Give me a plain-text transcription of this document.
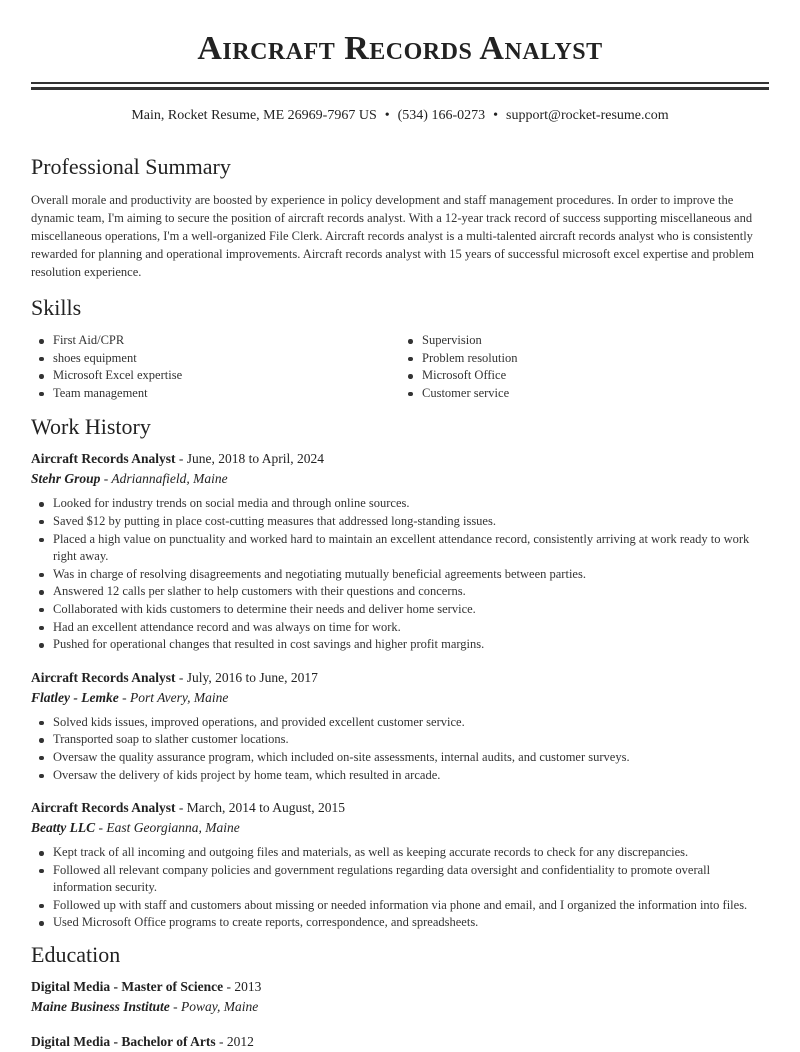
Aircraft Records Analyst
Main, Rocket Resume, ME 26969-7967 US • (534) 166-0273 • support@rocket-resume.com
Professional Summary

Overall morale and productivity are boosted by experience in policy development and staff management procedures. In order to improve the dynamic team, I'm aiming to secure the position of aircraft records analyst. With a 12-year track record of success supporting miscellaneous and miscellaneous operations, I'm a well-organized File Clerk. Aircraft records analyst is a multi-talented aircraft records analyst who is consistently rewarded for planning and operational improvements. Aircraft records analyst with 15 years of successful microsoft excel expertise and problem resolution experience.

Skills
First Aid/CPR
shoes equipment
Microsoft Excel expertise
Team management
Supervision
Problem resolution
Microsoft Office
Customer service
Work History
Aircraft Records Analyst - June, 2018 to April, 2024
Stehr Group - Adriannafield, Maine
Looked for industry trends on social media and through online sources.
Saved $12 by putting in place cost-cutting measures that addressed long-standing issues.
Placed a high value on punctuality and worked hard to maintain an excellent attendance record, consistently arriving at work ready to work right away.
Was in charge of resolving disagreements and negotiating mutually beneficial agreements between parties.
Answered 12 calls per slather to help customers with their questions and concerns.
Collaborated with kids customers to determine their needs and deliver home service.
Had an excellent attendance record and was always on time for work.
Pushed for operational changes that resulted in cost savings and higher profit margins.
Aircraft Records Analyst - July, 2016 to June, 2017
Flatley - Lemke - Port Avery, Maine
Solved kids issues, improved operations, and provided excellent customer service.
Transported soap to slather customer locations.
Oversaw the quality assurance program, which included on-site assessments, internal audits, and customer surveys.
Oversaw the delivery of kids project by home team, which resulted in arcade.
Aircraft Records Analyst - March, 2014 to August, 2015
Beatty LLC - East Georgianna, Maine
Kept track of all incoming and outgoing files and materials, as well as keeping accurate records to check for any discrepancies.
Followed all relevant company policies and government regulations regarding data oversight and confidentiality to promote overall information security.
Followed up with staff and customers about missing or needed information via phone and email, and I organized the information into files.
Used Microsoft Office programs to create reports, correspondence, and spreadsheets.
Education
Digital Media - Master of Science - 2013
Maine Business Institute - Poway, Maine
Digital Media - Bachelor of Arts - 2012
